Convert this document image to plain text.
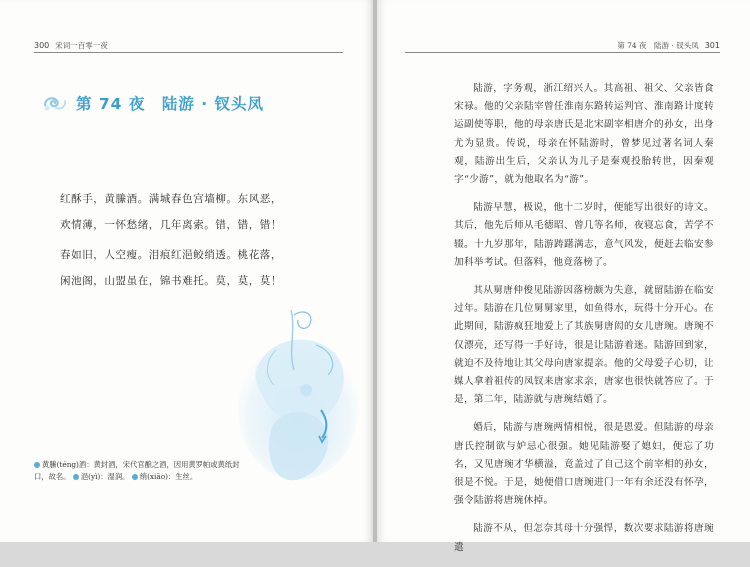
300 宋词一百零一夜
第 74 夜　陆游 · 钗头凤

红酥手，黄縢酒。满城春色宫墙柳。东风恶，

欢情薄，一怀愁绪，几年离索。错，错，错！

春如旧，人空瘦。泪痕红浥鲛绡透。桃花落，

闲池阁，山盟虽在，锦书难托。莫，莫，莫！

黄縢(téng)酒：黄封酒，宋代官酿之酒，因用黄罗帕或黄纸封口，故名。 浥(yì)：湿润。 绡(xiāo)：生丝。
第 74 夜　陆游 · 钗头凤 301

陆游，字务观，浙江绍兴人。其高祖、祖父、父亲皆食宋禄。他的父亲陆宰曾任淮南东路转运判官、淮南路计度转运副使等职，他的母亲唐氏是北宋副宰相唐介的孙女，出身尤为显贵。传说，母亲在怀陆游时，曾梦见过著名词人秦观，陆游出生后，父亲认为儿子是秦观投胎转世，因秦观字“少游”，就为他取名为“游”。

陆游早慧，极说，他十二岁时，便能写出很好的诗文。其后，他先后师从毛德昭、曾几等名师，夜寝忘食，苦学不辍。十九岁那年，陆游踌躇满志，意气风发，便赶去临安参加科举考试。但落料，他竟落榜了。

其从舅唐仲俊见陆游因落榜颇为失意，就留陆游在临安过年。陆游在几位舅舅家里，如鱼得水，玩得十分开心。在此期间，陆游疯狂地爱上了其族舅唐闳的女儿唐琬。唐琬不仅漂亮，还写得一手好诗，很是让陆游着迷。陆游回到家，就迫不及待地让其父母向唐家提亲。他的父母爱子心切，让媒人拿着祖传的凤钗来唐家求亲，唐家也很快就答应了。于是，第二年，陆游就与唐琬结婚了。

婚后，陆游与唐琬两情相悦，很是恩爱。但陆游的母亲唐氏控制欲与妒忌心很强。她见陆游娶了媳妇，便忘了功名，又见唐琬才华横溢，竟盖过了自己这个前宰相的孙女，很是不悦。于是，她便借口唐琬进门一年有余还没有怀孕，强令陆游将唐琬休掉。

陆游不从，但怎奈其母十分强悍，数次要求陆游将唐琬遣
